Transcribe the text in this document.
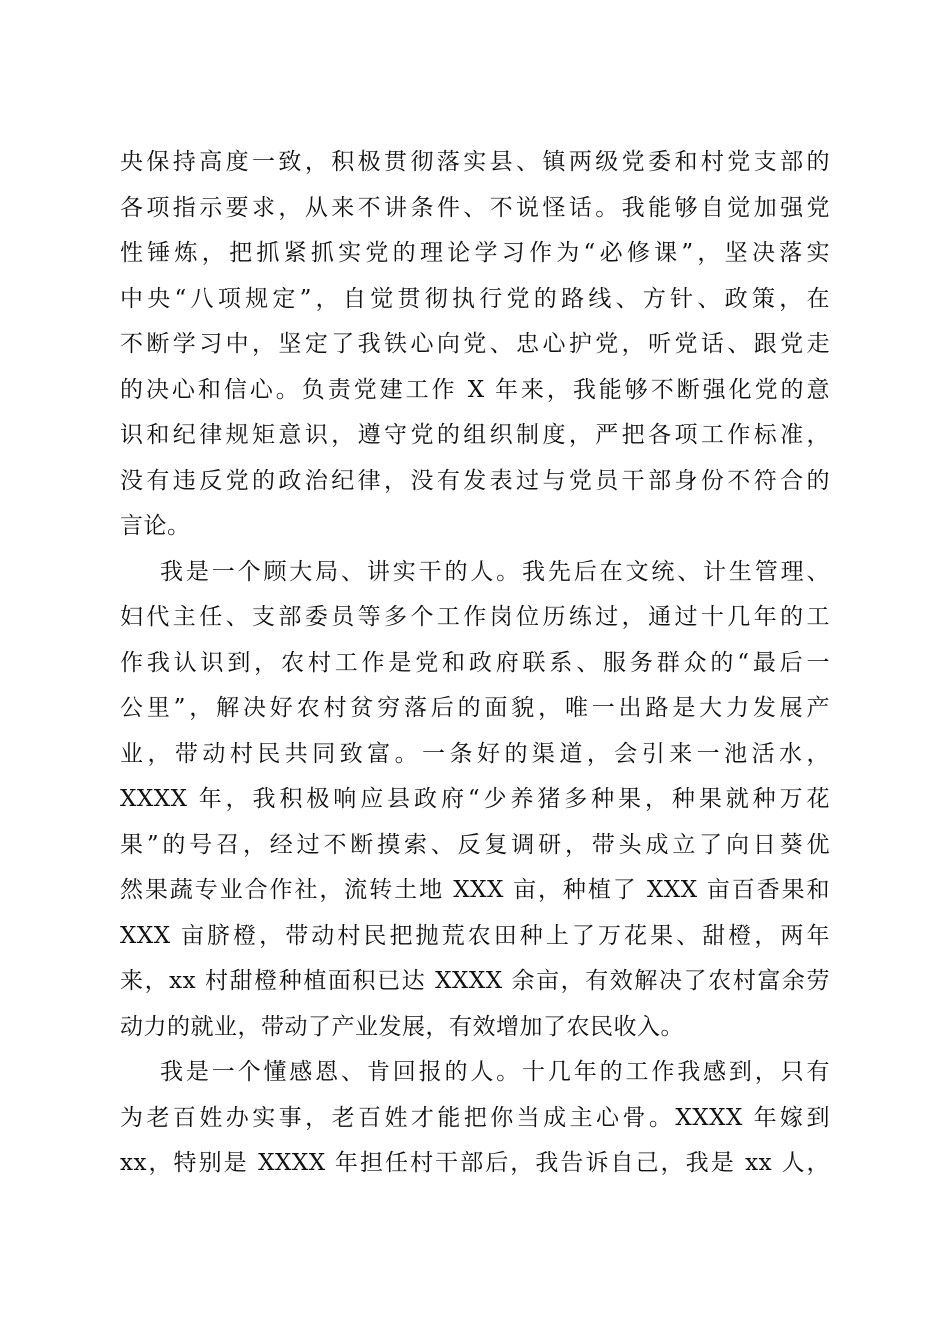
央保持高度一致，积极贯彻落实县、镇两级党委和村党支部的
各项指示要求，从来不讲条件、不说怪话。我能够自觉加强党
性锤炼，把抓紧抓实党的理论学习作为“必修课”，坚决落实
中央“八项规定”，自觉贯彻执行党的路线、方针、政策，在
不断学习中，坚定了我铁心向党、忠心护党，听党话、跟党走
的决心和信心。负责党建工作 X 年来，我能够不断强化党的意
识和纪律规矩意识，遵守党的组织制度，严把各项工作标准，
没有违反党的政治纪律，没有发表过与党员干部身份不符合的
言论。
我是一个顾大局、讲实干的人。我先后在文统、计生管理、
妇代主任、支部委员等多个工作岗位历练过，通过十几年的工
作我认识到，农村工作是党和政府联系、服务群众的“最后一
公里”，解决好农村贫穷落后的面貌，唯一出路是大力发展产
业，带动村民共同致富。一条好的渠道，会引来一池活水，
XXXX 年，我积极响应县政府“少养猪多种果，种果就种万花
果”的号召，经过不断摸索、反复调研，带头成立了向日葵优
然果蔬专业合作社，流转土地 XXX 亩，种植了 XXX 亩百香果和
XXX 亩脐橙，带动村民把抛荒农田种上了万花果、甜橙，两年
来，xx 村甜橙种植面积已达 XXXX 余亩，有效解决了农村富余劳
动力的就业，带动了产业发展，有效增加了农民收入。
我是一个懂感恩、肯回报的人。十几年的工作我感到，只有
为老百姓办实事，老百姓才能把你当成主心骨。XXXX 年嫁到
xx，特别是 XXXX 年担任村干部后，我告诉自己，我是 xx 人，
